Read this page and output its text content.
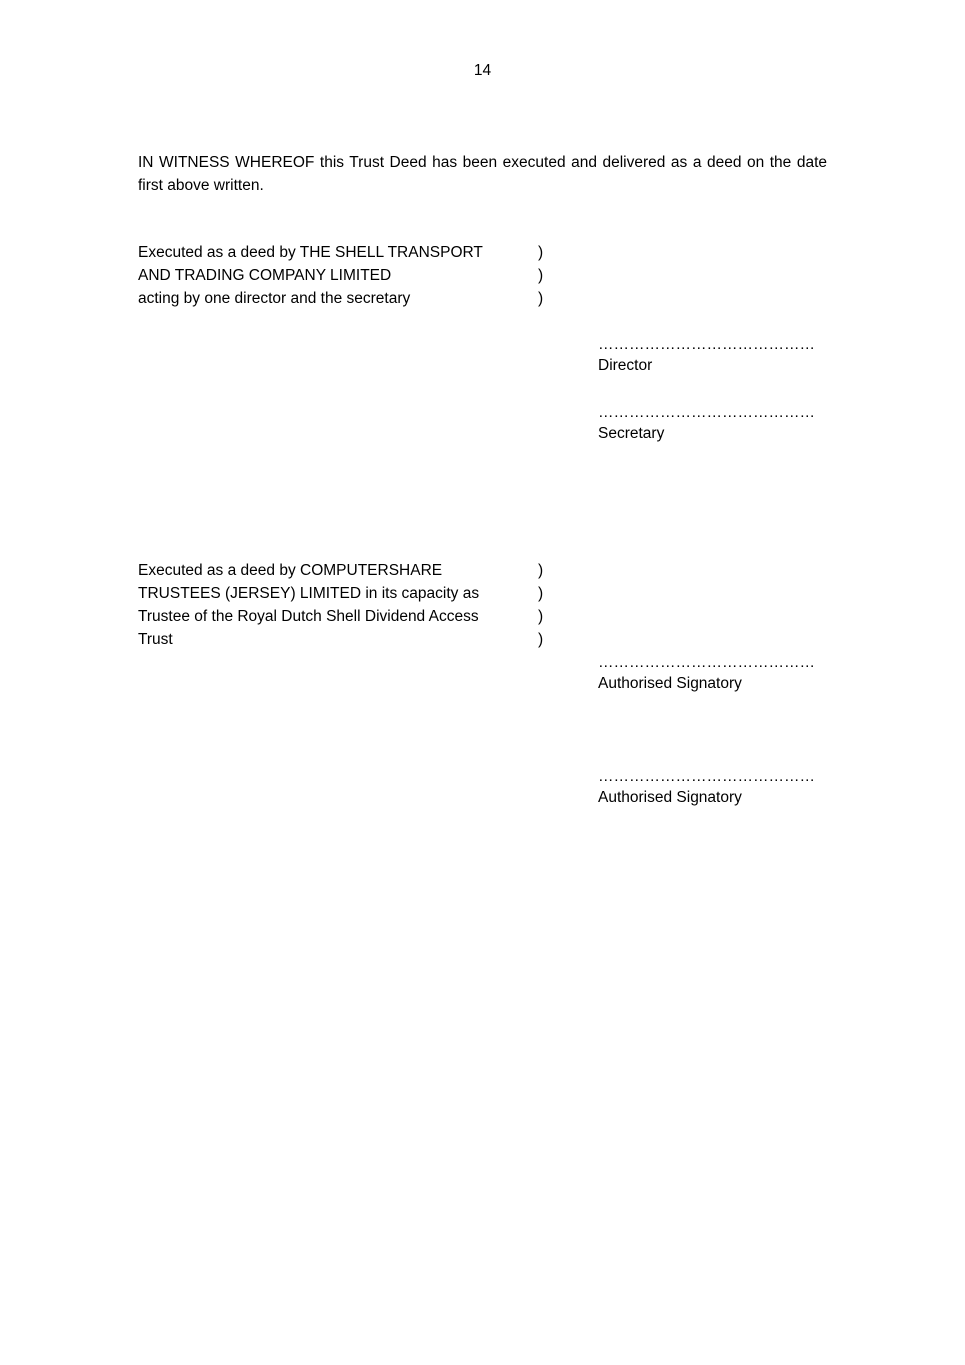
14
IN WITNESS WHEREOF this Trust Deed has been executed and delivered as a deed on the date first above written.
Executed as a deed by THE SHELL TRANSPORT
AND TRADING COMPANY LIMITED
acting by one director and the secretary
)
)
)
……………………………………
Director
……………………………………
Secretary
Executed as a deed by COMPUTERSHARE
TRUSTEES (JERSEY) LIMITED in its capacity as
Trustee of the Royal Dutch Shell Dividend Access
Trust
)
)
)
)
……………………………………
Authorised Signatory
……………………………………
Authorised Signatory
